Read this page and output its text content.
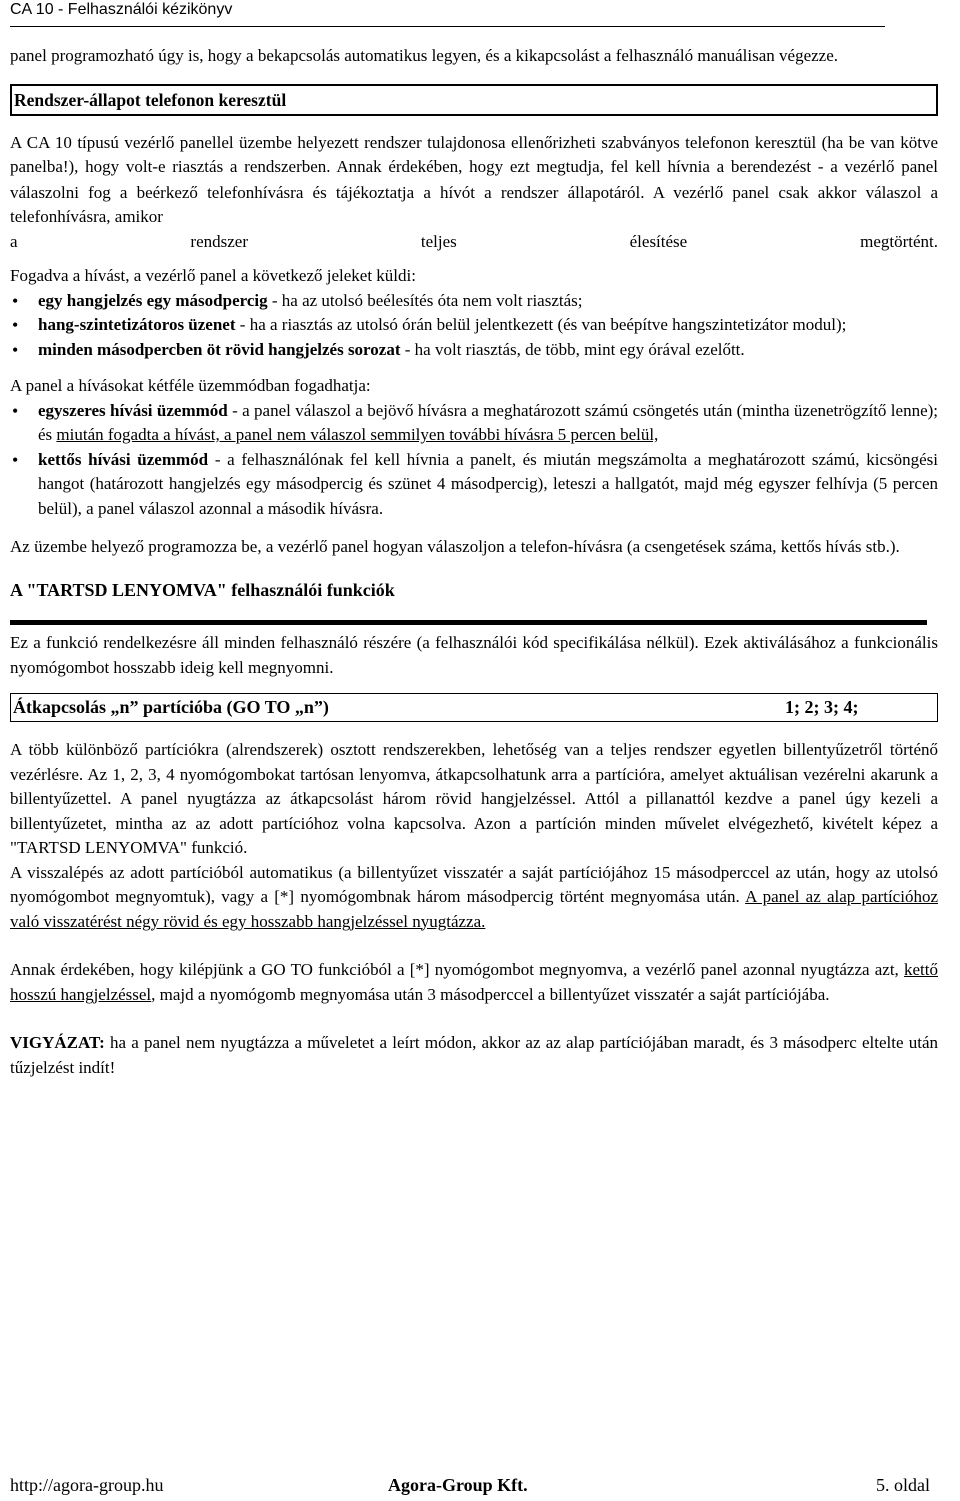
CA 10 - Felhasználói kézikönyv

panel programozható úgy is, hogy a bekapcsolás automatikus legyen, és a kikapcsolást a felhasználó manuálisan végezze.

Rendszer-állapot telefonon keresztül

A CA 10 típusú vezérlő panellel üzembe helyezett rendszer tulajdonosa ellenőrizheti szabványos telefonon keresztül (ha be van kötve panelba!), hogy volt-e riasztás a rendszerben. Annak érdekében, hogy ezt megtudja, fel kell hívnia a berendezést - a vezérlő panel válaszolni fog a beérkező telefonhívásra és tájékoztatja a hívót a rendszer állapotáról. A vezérlő panel csak akkor válaszol a telefonhívásra, amikor

a rendszer teljes élesítése megtörtént.

Fogadva a hívást, a vezérlő panel a következő jeleket küldi:

• egy hangjelzés egy másodpercig - ha az utolsó beélesítés óta nem volt riasztás;
• hang-szintetizátoros üzenet - ha a riasztás az utolsó órán belül jelentkezett (és van beépítve hangszintetizátor modul);
• minden másodpercben öt rövid hangjelzés sorozat - ha volt riasztás, de több, mint egy órával ezelőtt.

A panel a hívásokat kétféle üzemmódban fogadhatja:

• egyszeres hívási üzemmód - a panel válaszol a bejövő hívásra a meghatározott számú csöngetés után (mintha üzenetrögzítő lenne); és miután fogadta a hívást, a panel nem válaszol semmilyen további hívásra 5 percen belül,
• kettős hívási üzemmód - a felhasználónak fel kell hívnia a panelt, és miután megszámolta a meghatározott számú, kicsöngési hangot (határozott hangjelzés egy másodpercig és szünet 4 másodpercig), leteszi a hallgatót, majd még egyszer felhívja (5 percen belül), a panel válaszol azonnal a második hívásra.

Az üzembe helyező programozza be, a vezérlő panel hogyan válaszoljon a telefon-hívásra (a csengetések száma, kettős hívás stb.).

A "TARTSD LENYOMVA" felhasználói funkciók

Ez a funkció rendelkezésre áll minden felhasználó részére (a felhasználói kód specifikálása nélkül). Ezek aktiválásához a funkcionális nyomógombot hosszabb ideig kell megnyomni.

Átkapcsolás „n” partícióba (GO TO „n”)	1; 2; 3; 4;

A több különböző partíciókra (alrendszerek) osztott rendszerekben, lehetőség van a teljes rendszer egyetlen billentyűzetről történő vezérlésre. Az 1, 2, 3, 4 nyomógombokat tartósan lenyomva, átkapcsolhatunk arra a partícióra, amelyet aktuálisan vezérelni akarunk a billentyűzettel. A panel nyugtázza az átkapcsolást három rövid hangjelzéssel. Attól a pillanattól kezdve a panel úgy kezeli a billentyűzetet, mintha az az adott partícióhoz volna kapcsolva. Azon a partíción minden művelet elvégezhető, kivételt képez a "TARTSD LENYOMVA" funkció.

A visszalépés az adott partícióból automatikus (a billentyűzet visszatér a saját partíciójához 15 másodperccel az után, hogy az utolsó nyomógombot megnyomtuk), vagy a [*] nyomógombnak három másodpercig történt megnyomása után. A panel az alap partícióhoz való visszatérést négy rövid és egy hosszabb hangjelzéssel nyugtázza.

Annak érdekében, hogy kilépjünk a GO TO funkcióból a [*] nyomógombot megnyomva, a vezérlő panel azonnal nyugtázza azt, kettő hosszú hangjelzéssel, majd a nyomógomb megnyomása után 3 másodperccel a billentyűzet visszatér a saját partíciójába.

VIGYÁZAT: ha a panel nem nyugtázza a műveletet a leírt módon, akkor az az alap partíciójában maradt, és 3 másodperc eltelte után tűzjelzést indít!

http://agora-group.hu	Agora-Group Kft.	5. oldal
